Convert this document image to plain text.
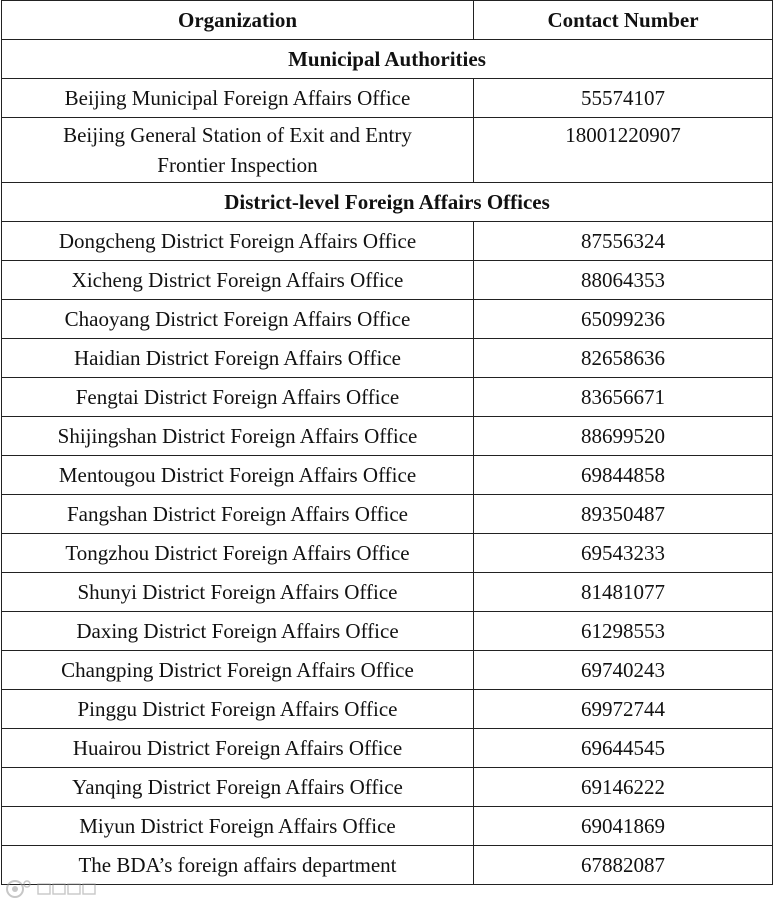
Organization	Contact Number
Municipal Authorities	
Beijing Municipal Foreign Affairs Office	55574107

Beijing General Station of Exit and Entry
Frontier Inspection	18001220907
District-level Foreign Affairs Offices	
Dongcheng District Foreign Affairs Office	87556324
Xicheng District Foreign Affairs Office	88064353
Chaoyang District Foreign Affairs Office	65099236
Haidian District Foreign Affairs Office	82658636
Fengtai District Foreign Affairs Office	83656671
Shijingshan District Foreign Affairs Office	88699520
Mentougou District Foreign Affairs Office	69844858
Fangshan District Foreign Affairs Office	89350487
Tongzhou District Foreign Affairs Office	69543233
Shunyi District Foreign Affairs Office	81481077
Daxing District Foreign Affairs Office	61298553
Changping District Foreign Affairs Office	69740243
Pinggu District Foreign Affairs Office	69972744
Huairou District Foreign Affairs Office	69644545
Yanqing District Foreign Affairs Office	69146222
Miyun District Foreign Affairs Office	69041869
The BDA’s foreign affairs department	67882087
